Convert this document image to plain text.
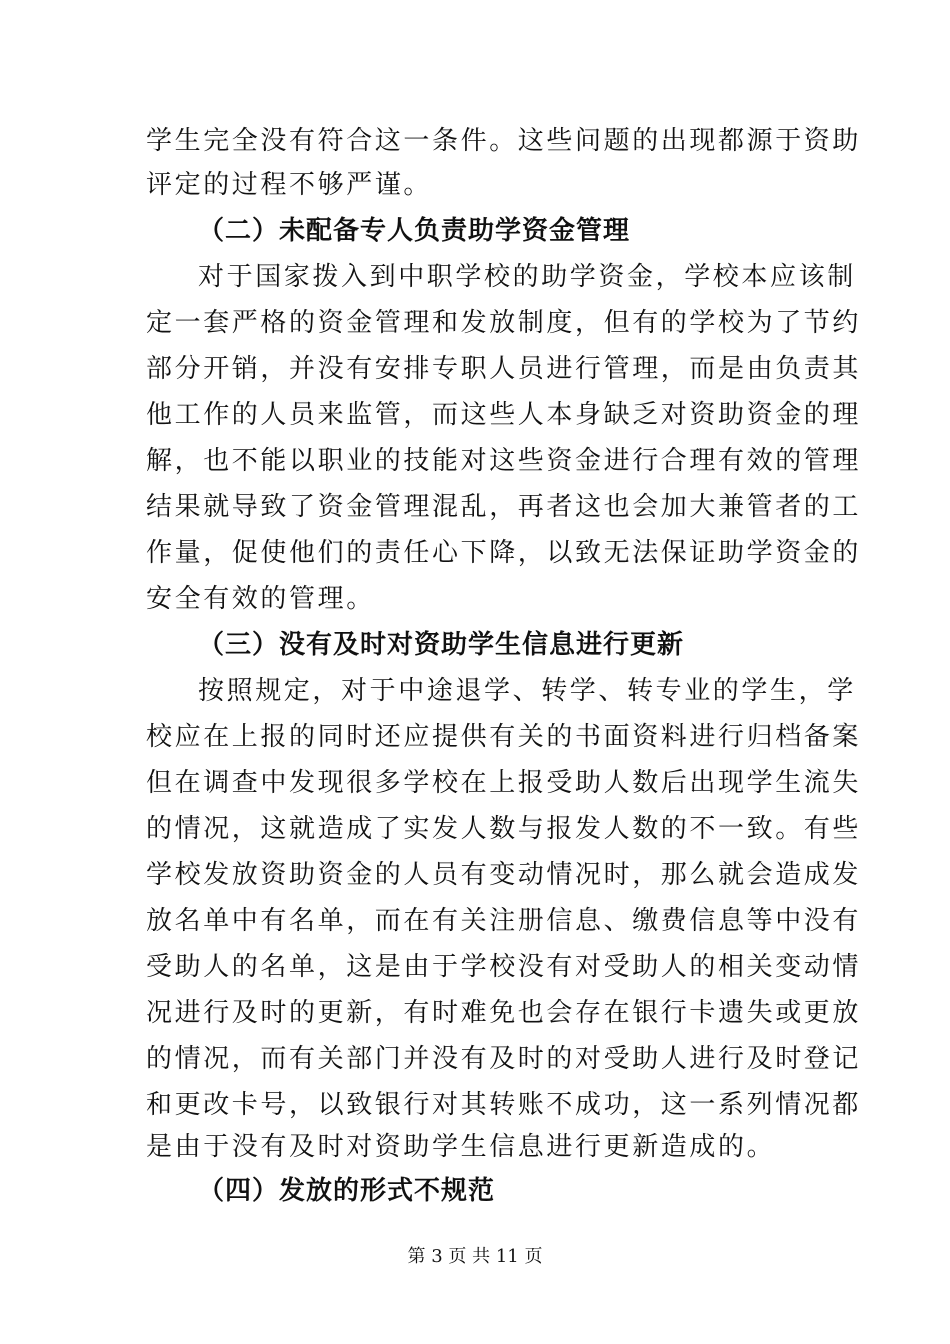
学生完全没有符合这一条件。这些问题的出现都源于资助
评定的过程不够严谨。
（二）未配备专人负责助学资金管理
对于国家拨入到中职学校的助学资金，学校本应该制
定一套严格的资金管理和发放制度，但有的学校为了节约
部分开销，并没有安排专职人员进行管理，而是由负责其
他工作的人员来监管，而这些人本身缺乏对资助资金的理
解，也不能以职业的技能对这些资金进行合理有效的管理
结果就导致了资金管理混乱，再者这也会加大兼管者的工
作量，促使他们的责任心下降，以致无法保证助学资金的
安全有效的管理。
（三）没有及时对资助学生信息进行更新
按照规定，对于中途退学、转学、转专业的学生，学
校应在上报的同时还应提供有关的书面资料进行归档备案
但在调查中发现很多学校在上报受助人数后出现学生流失
的情况，这就造成了实发人数与报发人数的不一致。有些
学校发放资助资金的人员有变动情况时，那么就会造成发
放名单中有名单，而在有关注册信息、缴费信息等中没有
受助人的名单，这是由于学校没有对受助人的相关变动情
况进行及时的更新，有时难免也会存在银行卡遗失或更放
的情况，而有关部门并没有及时的对受助人进行及时登记
和更改卡号，以致银行对其转账不成功，这一系列情况都
是由于没有及时对资助学生信息进行更新造成的。
（四）发放的形式不规范
第 3 页 共 11 页
